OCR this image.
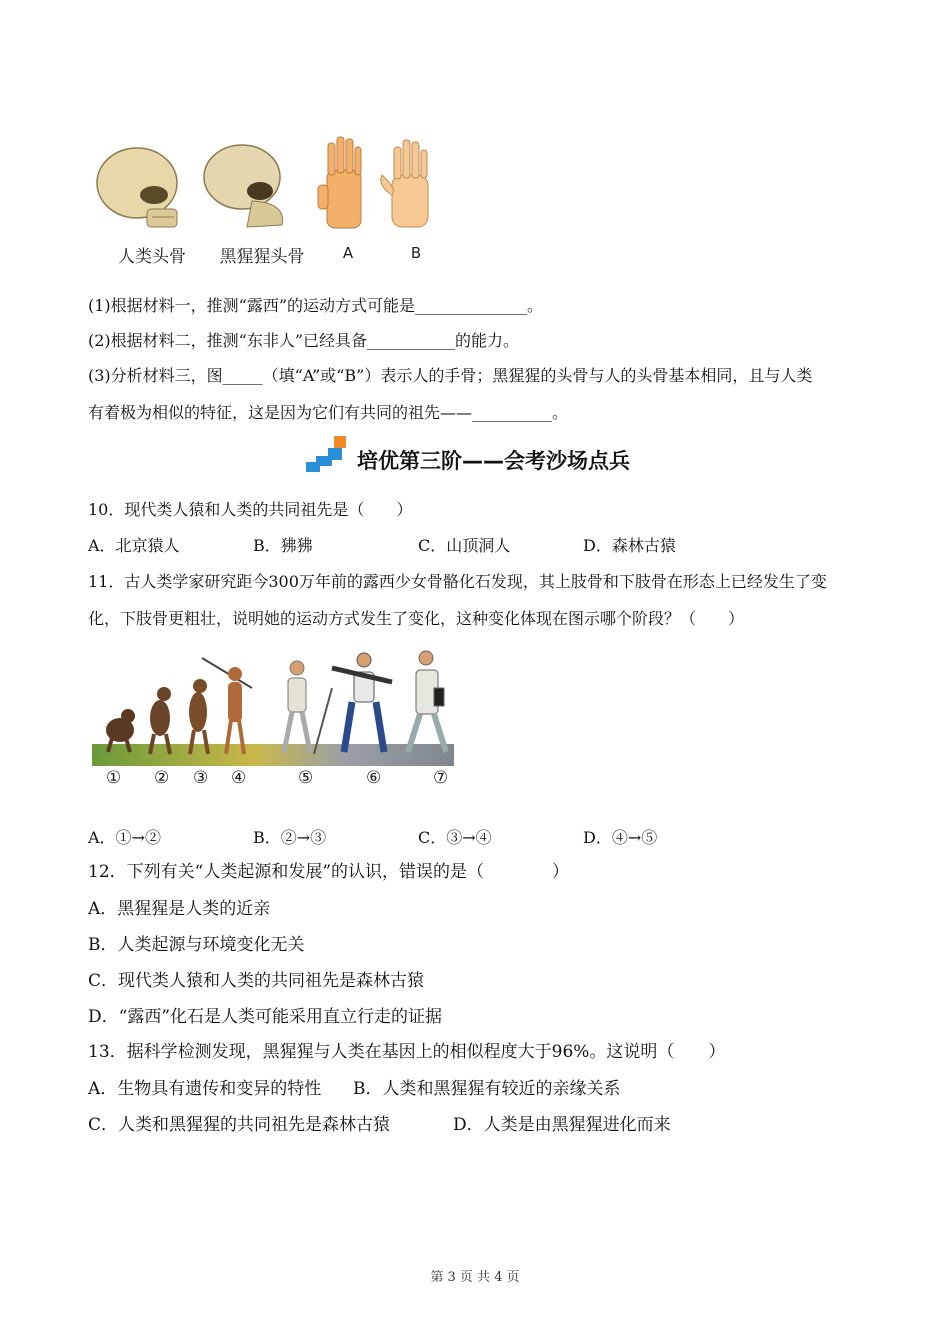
人类头骨	黑猩猩头骨	A	B
(1)根据材料一，推测“露西”的运动方式可能是______________。
(2)根据材料二，推测“东非人”已经具备___________的能力。
(3)分析材料三，图_____（填“A”或“B”）表示人的手骨；黑猩猩的头骨与人的头骨基本相同，且与人类
有着极为相似的特征，这是因为它们有共同的祖先——__________。
培优第三阶——会考沙场点兵
10．现代类人猿和人类的共同祖先是（　　）
A．北京猿人	B．狒狒	C．山顶洞人	D．森林古猿
11．古人类学家研究距今300万年前的露西少女骨骼化石发现，其上肢骨和下肢骨在形态上已经发生了变
化，下肢骨更粗壮，说明她的运动方式发生了变化，这种变化体现在图示哪个阶段？（　　）
① ② ③ ④	⑤	⑥	⑦
A．①→②	B．②→③	C．③→④	D．④→⑤
12．下列有关“人类起源和发展”的认识，错误的是（　　　　）
A．黑猩猩是人类的近亲
B．人类起源与环境变化无关
C．现代类人猿和人类的共同祖先是森林古猿
D．“露西”化石是人类可能采用直立行走的证据
13．据科学检测发现，黑猩猩与人类在基因上的相似程度大于96%。这说明（　　）
A．生物具有遗传和变异的特性 B．人类和黑猩猩有较近的亲缘关系
C．人类和黑猩猩的共同祖先是森林古猿	D．人类是由黑猩猩进化而来
第 3 页 共 4 页
